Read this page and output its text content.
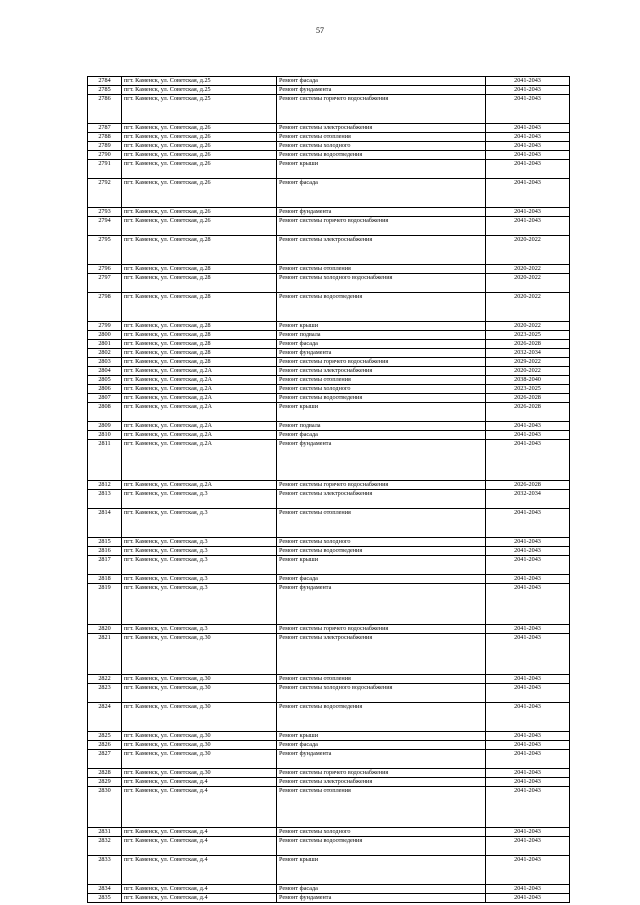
57
2784	пгт. Каменск, ул. Советская, д.25	Ремонт фасада	2041-2043
2785	пгт. Каменск, ул. Советская, д.25	Ремонт фундамента	2041-2043
2786	пгт. Каменск, ул. Советская, д.25	Ремонт системы горячего водоснабжения	2041-2043
2787	пгт. Каменск, ул. Советская, д.26	Ремонт системы электроснабжения	2041-2043
2788	пгт. Каменск, ул. Советская, д.26	Ремонт системы отопления	2041-2043
2789	пгт. Каменск, ул. Советская, д.26	Ремонт системы холодного	2041-2043
2790	пгт. Каменск, ул. Советская, д.26	Ремонт системы водоотведения	2041-2043
2791	пгт. Каменск, ул. Советская, д.26	Ремонт крыши	2041-2043
2792	пгт. Каменск, ул. Советская, д.26	Ремонт фасада	2041-2043
2793	пгт. Каменск, ул. Советская, д.26	Ремонт фундамента	2041-2043
2794	пгт. Каменск, ул. Советская, д.26	Ремонт системы горячего водоснабжения	2041-2043
2795	пгт. Каменск, ул. Советская, д.28	Ремонт системы электроснабжения	2020-2022
2796	пгт. Каменск, ул. Советская, д.28	Ремонт системы отопления	2020-2022
2797	пгт. Каменск, ул. Советская, д.28	Ремонт системы холодного водоснабжения	2020-2022
2798	пгт. Каменск, ул. Советская, д.28	Ремонт системы водоотведения	2020-2022
2799	пгт. Каменск, ул. Советская, д.28	Ремонт крыши	2020-2022
2800	пгт. Каменск, ул. Советская, д.28	Ремонт подвала	2023-2025
2801	пгт. Каменск, ул. Советская, д.28	Ремонт фасада	2026-2028
2802	пгт. Каменск, ул. Советская, д.28	Ремонт фундамента	2032-2034
2803	пгт. Каменск, ул. Советская, д.28	Ремонт системы горячего водоснабжения	2029-2022
2804	пгт. Каменск, ул. Советская, д.2А	Ремонт системы электроснабжения	2020-2022
2805	пгт. Каменск, ул. Советская, д.2А	Ремонт системы отопления	2038-2040
2806	пгт. Каменск, ул. Советская, д.2А	Ремонт системы холодного	2023-2025
2807	пгт. Каменск, ул. Советская, д.2А	Ремонт системы водоотведения	2026-2028
2808	пгт. Каменск, ул. Советская, д.2А	Ремонт крыши	2026-2028
2809	пгт. Каменск, ул. Советская, д.2А	Ремонт подвала	2041-2043
2810	пгт. Каменск, ул. Советская, д.2А	Ремонт фасада	2041-2043
2811	пгт. Каменск, ул. Советская, д.2А	Ремонт фундамента	2041-2043
2812	пгт. Каменск, ул. Советская, д.2А	Ремонт системы горячего водоснабжения	2026-2028
2813	пгт. Каменск, ул. Советская, д.3	Ремонт системы электроснабжения	2032-2034
2814	пгт. Каменск, ул. Советская, д.3	Ремонт системы отопления	2041-2043
2815	пгт. Каменск, ул. Советская, д.3	Ремонт системы холодного	2041-2043
2816	пгт. Каменск, ул. Советская, д.3	Ремонт системы водоотведения	2041-2043
2817	пгт. Каменск, ул. Советская, д.3	Ремонт крыши	2041-2043
2818	пгт. Каменск, ул. Советская, д.3	Ремонт фасада	2041-2043
2819	пгт. Каменск, ул. Советская, д.3	Ремонт фундамента	2041-2043
2820	пгт. Каменск, ул. Советская, д.3	Ремонт системы горячего водоснабжения	2041-2043
2821	пгт. Каменск, ул. Советская, д.30	Ремонт системы электроснабжения	2041-2043
2822	пгт. Каменск, ул. Советская, д.30	Ремонт системы отопления	2041-2043
2823	пгт. Каменск, ул. Советская, д.30	Ремонт системы холодного водоснабжения	2041-2043
2824	пгт. Каменск, ул. Советская, д.30	Ремонт системы водоотведения	2041-2043
2825	пгт. Каменск, ул. Советская, д.30	Ремонт крыши	2041-2043
2826	пгт. Каменск, ул. Советская, д.30	Ремонт фасада	2041-2043
2827	пгт. Каменск, ул. Советская, д.30	Ремонт фундамента	2041-2043
2828	пгт. Каменск, ул. Советская, д.30	Ремонт системы горячего водоснабжения	2041-2043
2829	пгт. Каменск, ул. Советская, д.4	Ремонт системы электроснабжения	2041-2043
2830	пгт. Каменск, ул. Советская, д.4	Ремонт системы отопления	2041-2043
2831	пгт. Каменск, ул. Советская, д.4	Ремонт системы холодного	2041-2043
2832	пгт. Каменск, ул. Советская, д.4	Ремонт системы водоотведения	2041-2043
2833	пгт. Каменск, ул. Советская, д.4	Ремонт крыши	2041-2043
2834	пгт. Каменск, ул. Советская, д.4	Ремонт фасада	2041-2043
2835	пгт. Каменск, ул. Советская, д.4	Ремонт фундамента	2041-2043
